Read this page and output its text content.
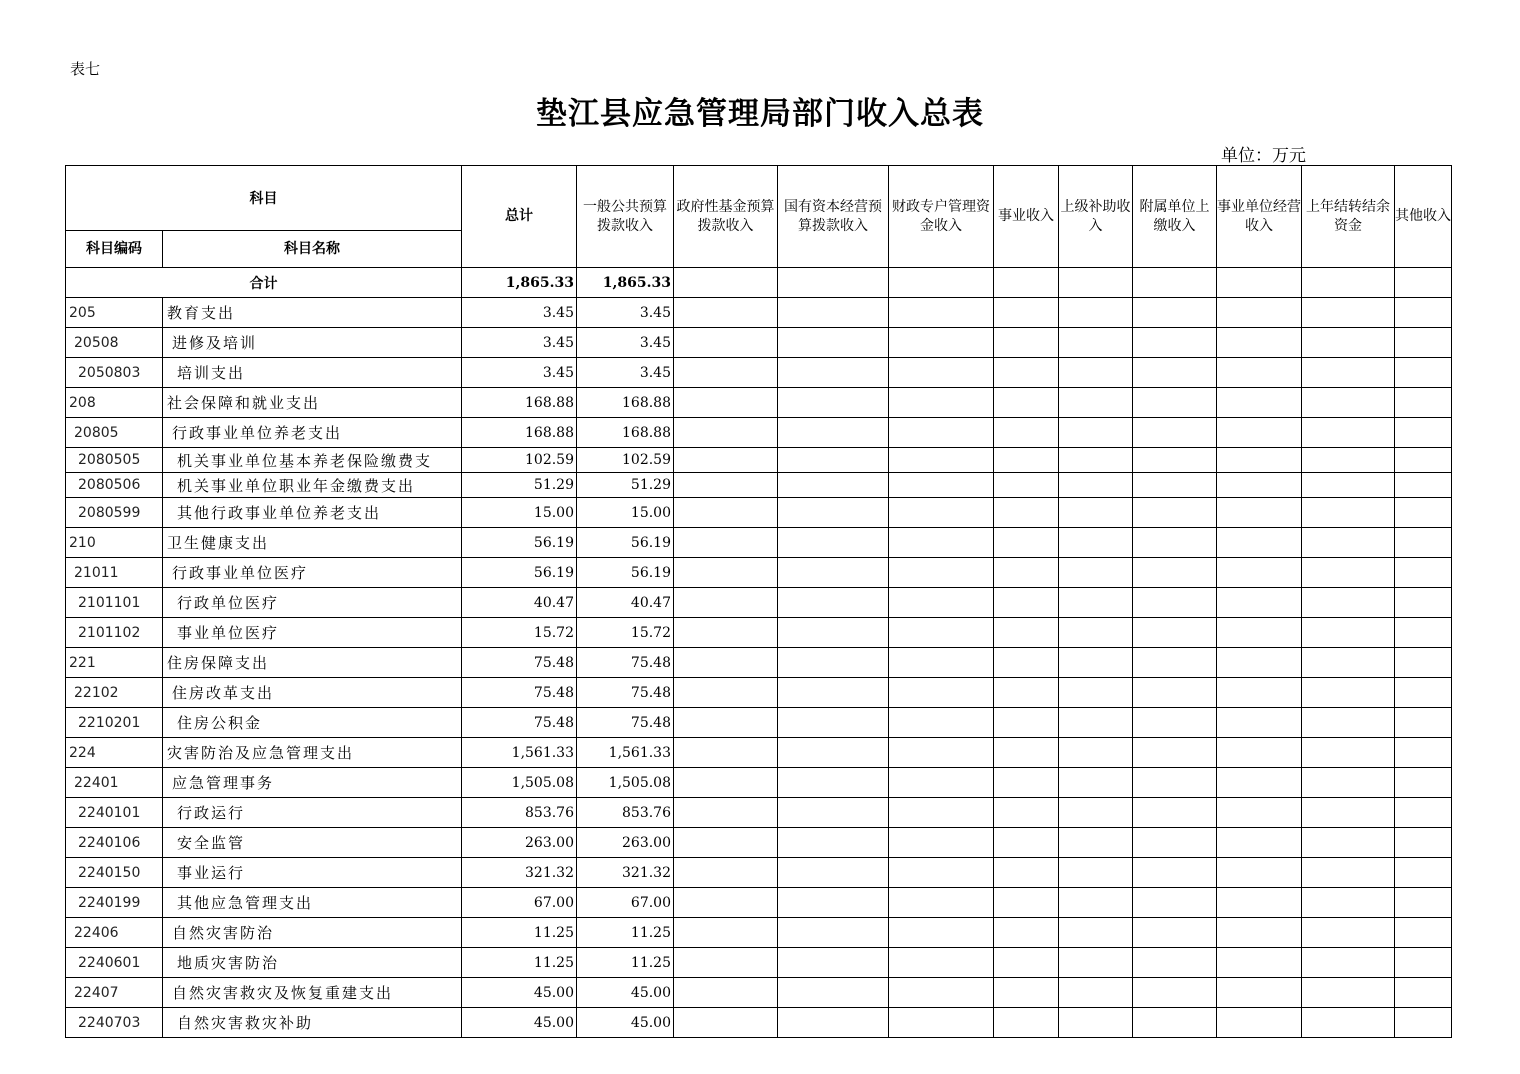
表七
垫江县应急管理局部门收入总表
单位：万元
科目		总计	一般公共预算拨款收入	政府性基金预算拨款收入	国有资本经营预算拨款收入	财政专户管理资金收入	事业收入	上级补助收入	附属单位上缴收入	事业单位经营收入	上年结转结余资金	其他收入
科目编码	科目名称											
合计		1,865.33	1,865.33									
205	教育支出	3.45	3.45									
20508	进修及培训	3.45	3.45									
2050803	培训支出	3.45	3.45									
208	社会保障和就业支出	168.88	168.88									
20805	行政事业单位养老支出	168.88	168.88									
2080505	机关事业单位基本养老保险缴费支	102.59	102.59									
2080506	机关事业单位职业年金缴费支出	51.29	51.29									
2080599	其他行政事业单位养老支出	15.00	15.00									
210	卫生健康支出	56.19	56.19									
21011	行政事业单位医疗	56.19	56.19									
2101101	行政单位医疗	40.47	40.47									
2101102	事业单位医疗	15.72	15.72									
221	住房保障支出	75.48	75.48									
22102	住房改革支出	75.48	75.48									
2210201	住房公积金	75.48	75.48									
224	灾害防治及应急管理支出	1,561.33	1,561.33									
22401	应急管理事务	1,505.08	1,505.08									
2240101	行政运行	853.76	853.76									
2240106	安全监管	263.00	263.00									
2240150	事业运行	321.32	321.32									
2240199	其他应急管理支出	67.00	67.00									
22406	自然灾害防治	11.25	11.25									
2240601	地质灾害防治	11.25	11.25									
22407	自然灾害救灾及恢复重建支出	45.00	45.00									
2240703	自然灾害救灾补助	45.00	45.00									
